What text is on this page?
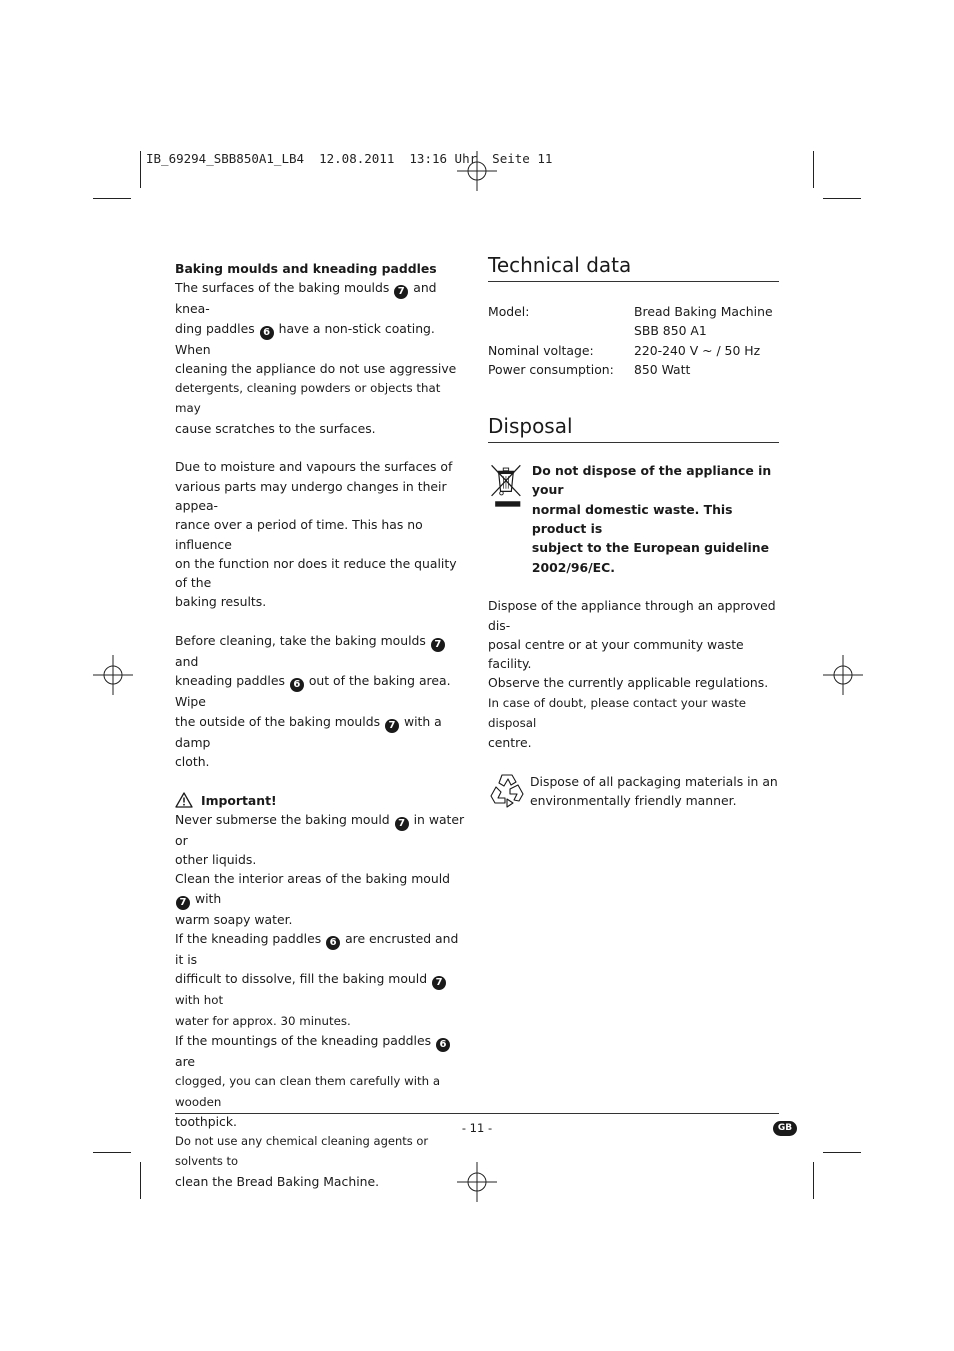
IB_69294_SBB850A1_LB4  12.08.2011  13:16 Uhr  Seite 11

Baking moulds and kneading paddles

The surfaces of the baking moulds 7 and knea-
ding paddles 6 have a non-stick coating. When
cleaning the appliance do not use aggressive
detergents, cleaning powders or objects that may
cause scratches to the surfaces.

Due to moisture and vapours the surfaces of
various parts may undergo changes in their appea-
rance over a period of time. This has no influence
on the function nor does it reduce the quality of the
baking results.

Before cleaning, take the baking moulds 7 and
kneading paddles 6 out of the baking area. Wipe
the outside of the baking moulds 7 with a damp
cloth.

Important!

Never submerse the baking mould 7 in water or
other liquids.
Clean the interior areas of the baking mould 7 with
warm soapy water.
If the kneading paddles 6 are encrusted and it is
difficult to dissolve, fill the baking mould 7 with hot
water for approx. 30 minutes.
If the mountings of the kneading paddles 6 are
clogged, you can clean them carefully with a wooden
toothpick.
Do not use any chemical cleaning agents or solvents to
clean the Bread Baking Machine.

Technical data
Model:	Bread Baking Machine
SBB 850 A1
Nominal voltage:	220-240 V ~ / 50 Hz
Power consumption:	850 Watt
Disposal
Do not dispose of the appliance in your
normal domestic waste. This product is
subject to the European guideline
2002/96/EC.

Dispose of the appliance through an approved dis-
posal centre or at your community waste facility.
Observe the currently applicable regulations.
In case of doubt, please contact your waste disposal
centre.

Dispose of all packaging materials in an
environmentally friendly manner.

- 11 -	GB
